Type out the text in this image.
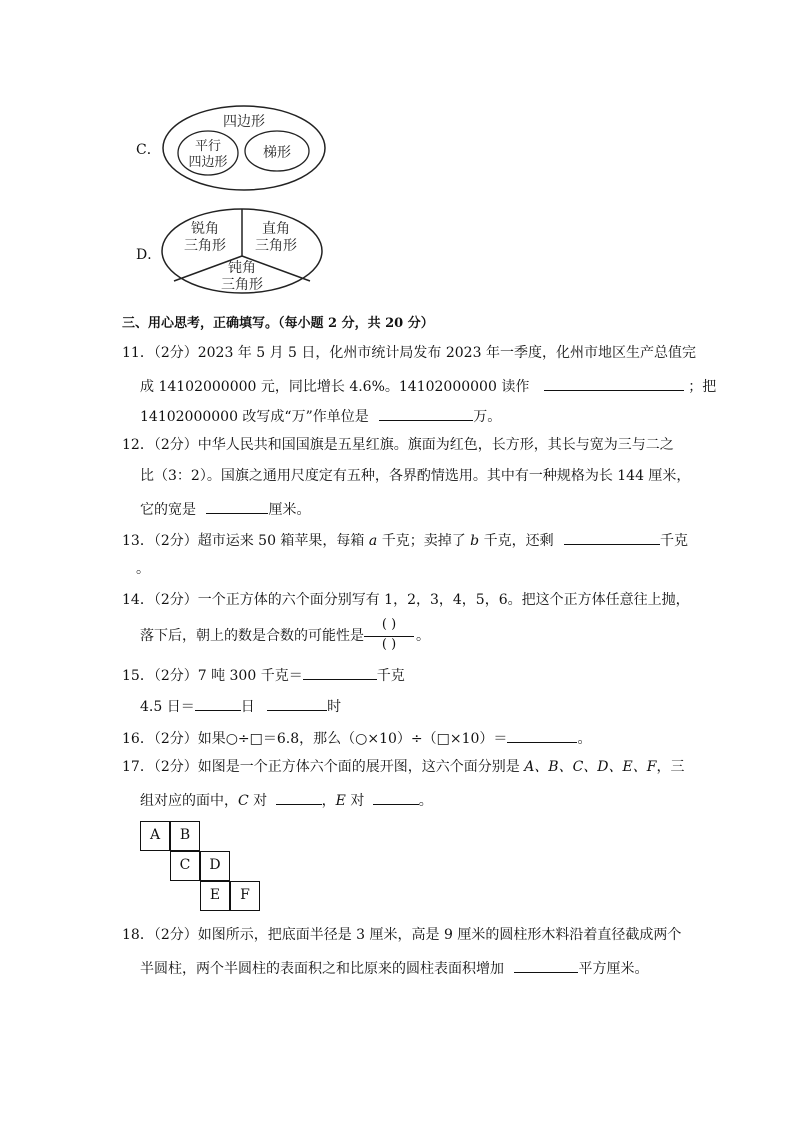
C．
四边形
平行
四边形
梯形
D．
锐角
三角形
直角
三角形
钝角
三角形
三、用心思考，正确填写。（每小题 2 分，共 20 分）
11．（2分）2023 年 5 月 5 日，化州市统计局发布 2023 年一季度，化州市地区生产总值完
成 14102000000 元，同比增长 4.6%。14102000000 读作	；把
14102000000 改写成“万”作单位是	万。
12．（2分）中华人民共和国国旗是五星红旗。旗面为红色，长方形，其长与宽为三与二之
比（3：2）。国旗之通用尺度定有五种，各界酌情选用。其中有一种规格为长 144 厘米，
它的宽是	厘米。
13．（2分）超市运来 50 箱苹果，每箱 a 千克；卖掉了 b 千克，还剩	千克
。
14．（2分）一个正方体的六个面分别写有 1，2，3，4，5，6。把这个正方体任意往上抛，
落下后，朝上的数是合数的可能性是
( )
( )
。
15．（2分）7 吨 300 千克＝	千克
4.5 日＝	日	时
16．（2分）如果○÷□＝6.8，那么（○×10）÷（□×10）＝	。
17．（2分）如图是一个正方体六个面的展开图，这六个面分别是 A、B、C、D、E、F，三
组对应的面中，C 对	，E 对	。
A	B
C	D
E	F
18．（2分）如图所示，把底面半径是 3 厘米，高是 9 厘米的圆柱形木料沿着直径截成两个
半圆柱，两个半圆柱的表面积之和比原来的圆柱表面积增加	平方厘米。
